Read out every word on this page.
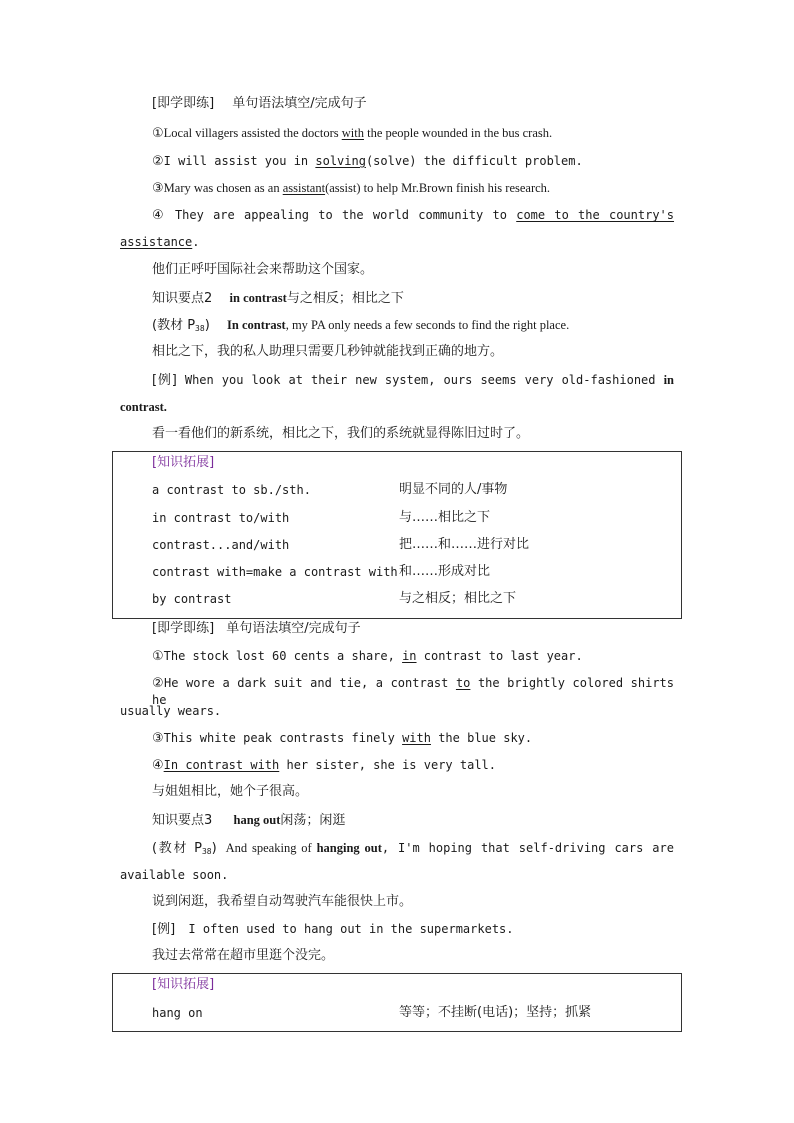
[即学即练] 单句语法填空/完成句子
①Local villagers assisted the doctors with the people wounded in the bus crash.
②I will assist you in solving(solve) the difficult problem.
③Mary was chosen as an assistant(assist) to help Mr.Brown finish his research.
④ They are appealing to the world community to come to the country's
assistance.
他们正呼吁国际社会来帮助这个国家。
知识要点2 in contrast与之相反；相比之下
(教材 $P_{38}$) In contrast, my PA only needs a few seconds to find the right place.
相比之下，我的私人助理只需要几秒钟就能找到正确的地方。
[例] When you look at their new system, ours seems very old-fashioned in
contrast.
看一看他们的新系统，相比之下，我们的系统就显得陈旧过时了。
[知识拓展]
a contrast to sb./sth.	明显不同的人/事物
in contrast to/with	与……相比之下
contrast...and/with	把……和……进行对比
contrast with=make a contrast with 和……形成对比
by contrast	与之相反；相比之下
[即学即练] 单句语法填空/完成句子
①The stock lost 60 cents a share, in contrast to last year.
②He wore a dark suit and tie, a contrast to the brightly colored shirts he
usually wears.
③This white peak contrasts finely with the blue sky.
④In contrast with her sister, she is very tall.
与姐姐相比，她个子很高。
知识要点3 hang out闲荡；闲逛
(教材 $P_{38}$) And speaking of hanging out, I'm hoping that self-driving cars are
available soon.
说到闲逛，我希望自动驾驶汽车能很快上市。
[例] I often used to hang out in the supermarkets.
我过去常常在超市里逛个没完。
[知识拓展]
hang on	等等；不挂断(电话)；坚持；抓紧
